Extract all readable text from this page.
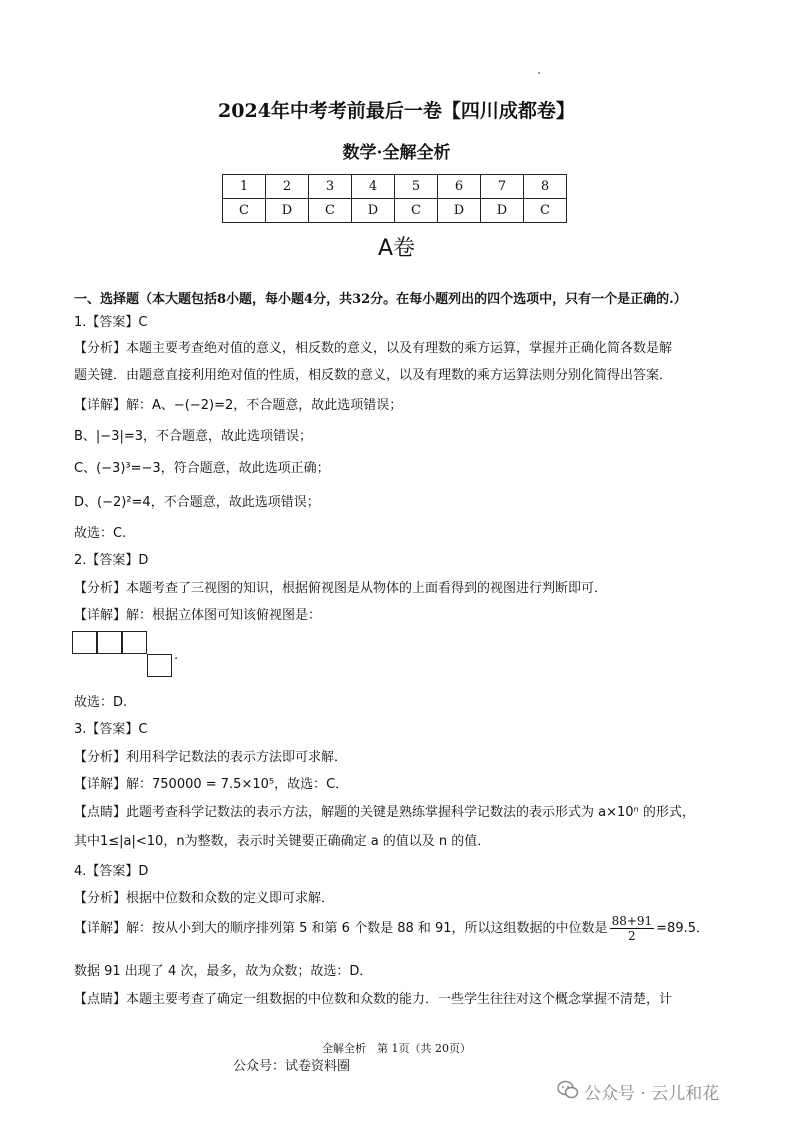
2024年中考考前最后一卷【四川成都卷】
数学·全解全析
1	2	3	4	5	6	7	8
C	D	C	D	C	D	D	C
A卷
一、选择题（本大题包括8小题，每小题4分，共32分。在每小题列出的四个选项中，只有一个是正确的.）
1.【答案】C
【分析】本题主要考查绝对值的意义，相反数的意义，以及有理数的乘方运算，掌握并正确化简各数是解
题关键．由题意直接利用绝对值的性质，相反数的意义，以及有理数的乘方运算法则分别化简得出答案．
【详解】解：A、−(−2)=2，不合题意，故此选项错误；
B、|−3|=3，不合题意，故此选项错误；
C、(−3)³=−3，符合题意，故此选项正确；
D、(−2)²=4，不合题意，故此选项错误；
故选：C.
2.【答案】D
【分析】本题考查了三视图的知识，根据俯视图是从物体的上面看得到的视图进行判断即可．
【详解】解：根据立体图可知该俯视图是：
.
故选：D.
3.【答案】C
【分析】利用科学记数法的表示方法即可求解．
【详解】解：750000 = 7.5×10⁵，故选：C．
【点睛】此题考查科学记数法的表示方法，解题的关键是熟练掌握科学记数法的表示形式为 a×10ⁿ 的形式，
其中1≤|a|<10，n为整数，表示时关键要正确确定 a 的值以及 n 的值．
4.【答案】D
【分析】根据中位数和众数的定义即可求解．
【详解】解：按从小到大的顺序排列第 5 和第 6 个数是 88 和 91，所以这组数据的中位数是 $\frac{88+91}{2} =89.5$．
数据 91 出现了 4 次，最多，故为众数；故选：D．
【点睛】本题主要考查了确定一组数据的中位数和众数的能力．一些学生往往对这个概念掌握不清楚，计
全解全析　第 1页（共 20页）
公众号：试卷资料圈
公众号 · 云儿和花
